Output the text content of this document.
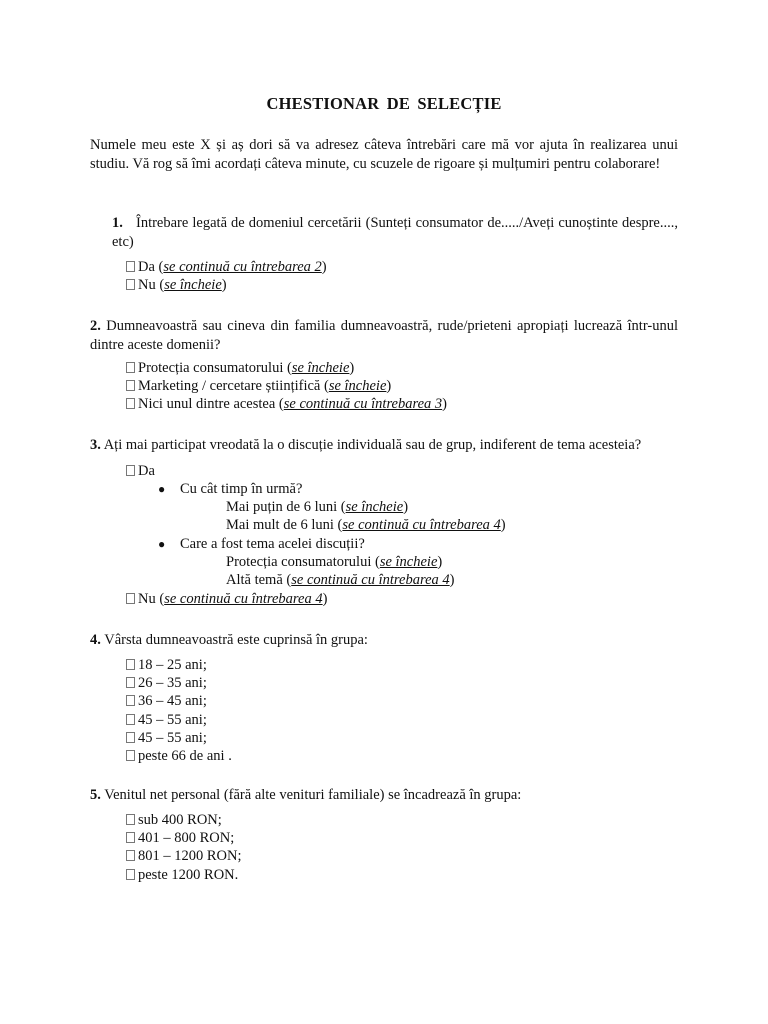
CHESTIONAR DE SELECȚIE
Numele meu este X și aș dori să va adresez câteva întrebări care mă vor ajuta în realizarea unui studiu. Vă rog să îmi acordați câteva minute, cu scuzele de rigoare și mulțumiri pentru colaborare!
1. Întrebare legată de domeniul cercetării (Sunteți consumator de...../Aveți cunoștinte despre...., etc)
Da (se continuă cu întrebarea 2)
Nu (se încheie)
2. Dumneavoastră sau cineva din familia dumneavoastră, rude/prieteni apropiați lucrează într-unul dintre aceste domenii?
Protecția consumatorului (se încheie)
Marketing / cercetare științifică (se încheie)
Nici unul dintre acestea (se continuă cu întrebarea 3)
3. Ați mai participat vreodată la o discuție individuală sau de grup, indiferent de tema acesteia?
Da
● Cu cât timp în urmă?
Mai puțin de 6 luni (se încheie)
Mai mult de 6 luni (se continuă cu întrebarea 4)
● Care a fost tema acelei discuții?
Protecția consumatorului (se încheie)
Altă temă (se continuă cu întrebarea 4)
Nu (se continuă cu întrebarea 4)
4. Vârsta dumneavoastră este cuprinsă în grupa:
18 – 25 ani;
26 – 35 ani;
36 – 45 ani;
45 – 55 ani;
45 – 55 ani;
peste 66 de ani .
5. Venitul net personal (fără alte venituri familiale) se încadrează în grupa:
sub 400 RON;
401 – 800 RON;
801 – 1200 RON;
peste 1200 RON.
